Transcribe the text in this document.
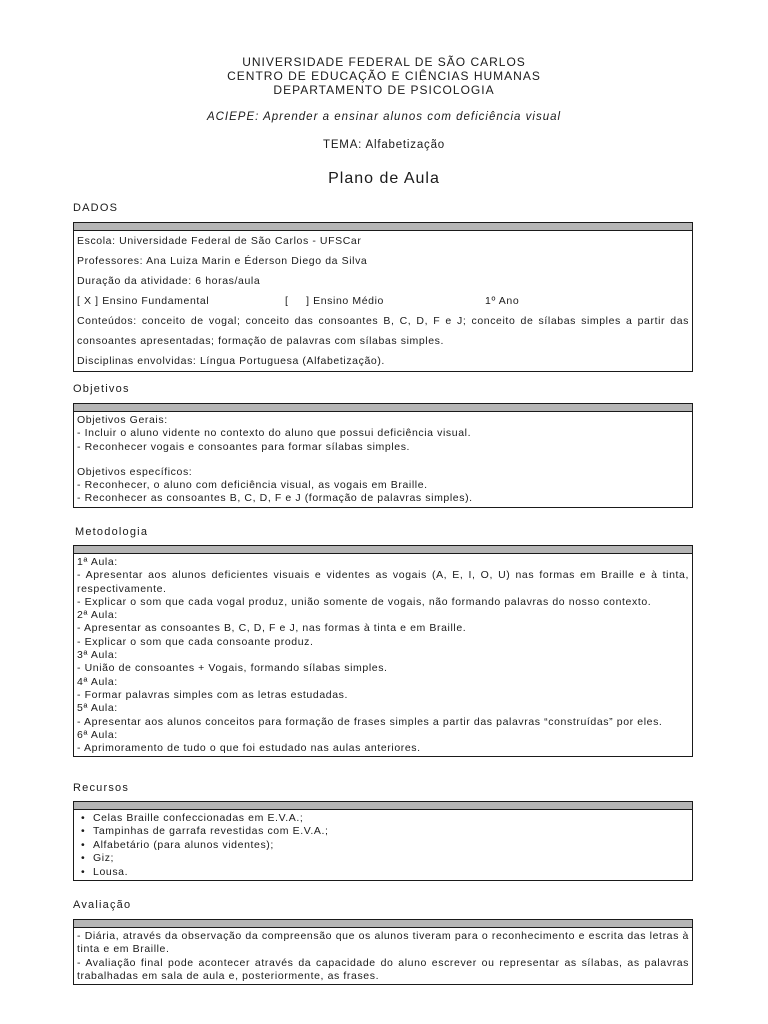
UNIVERSIDADE FEDERAL DE SÃO CARLOS
CENTRO DE EDUCAÇÃO E CIÊNCIAS HUMANAS
DEPARTAMENTO DE PSICOLOGIA
ACIEPE: Aprender a ensinar alunos com deficiência visual
TEMA: Alfabetização
Plano de Aula
DADOS
Escola: Universidade Federal de São Carlos - UFSCar
Professores: Ana Luiza Marin e Éderson Diego da Silva
Duração da atividade: 6 horas/aula
[ X ] Ensino Fundamental	[     ] Ensino Médio	1º Ano
Conteúdos: conceito de vogal; conceito das consoantes B, C, D, F e J; conceito de sílabas simples a partir das consoantes apresentadas; formação de palavras com sílabas simples.
Disciplinas envolvidas: Língua Portuguesa (Alfabetização).
Objetivos
Objetivos Gerais:
- Incluir o aluno vidente no contexto do aluno que possui deficiência visual.
- Reconhecer vogais e consoantes para formar sílabas simples.
Objetivos específicos:
- Reconhecer, o aluno com deficiência visual, as vogais em Braille.
- Reconhecer as consoantes B, C, D, F e J (formação de palavras simples).
Metodologia
1ª Aula:
- Apresentar aos alunos deficientes visuais e videntes as vogais (A, E, I, O, U) nas formas em Braille e à tinta, respectivamente.
- Explicar o som que cada vogal produz, união somente de vogais, não formando palavras do nosso contexto.
2ª Aula:
- Apresentar as consoantes B, C, D, F e J, nas formas à tinta e em Braille.
- Explicar o som que cada consoante produz.
3ª Aula:
- União de consoantes + Vogais, formando sílabas simples.
4ª Aula:
- Formar palavras simples com as letras estudadas.
5ª Aula:
- Apresentar aos alunos conceitos para formação de frases simples a partir das palavras “construídas” por eles.
6ª Aula:
- Aprimoramento de tudo o que foi estudado nas aulas anteriores.
Recursos
• Celas Braille confeccionadas em E.V.A.;
• Tampinhas de garrafa revestidas com E.V.A.;
• Alfabetário (para alunos videntes);
• Giz;
• Lousa.
Avaliação
- Diária, através da observação da compreensão que os alunos tiveram para o reconhecimento e escrita das letras à tinta e em Braille.
- Avaliação final pode acontecer através da capacidade do aluno escrever ou representar as sílabas, as palavras trabalhadas em sala de aula e, posteriormente, as frases.
